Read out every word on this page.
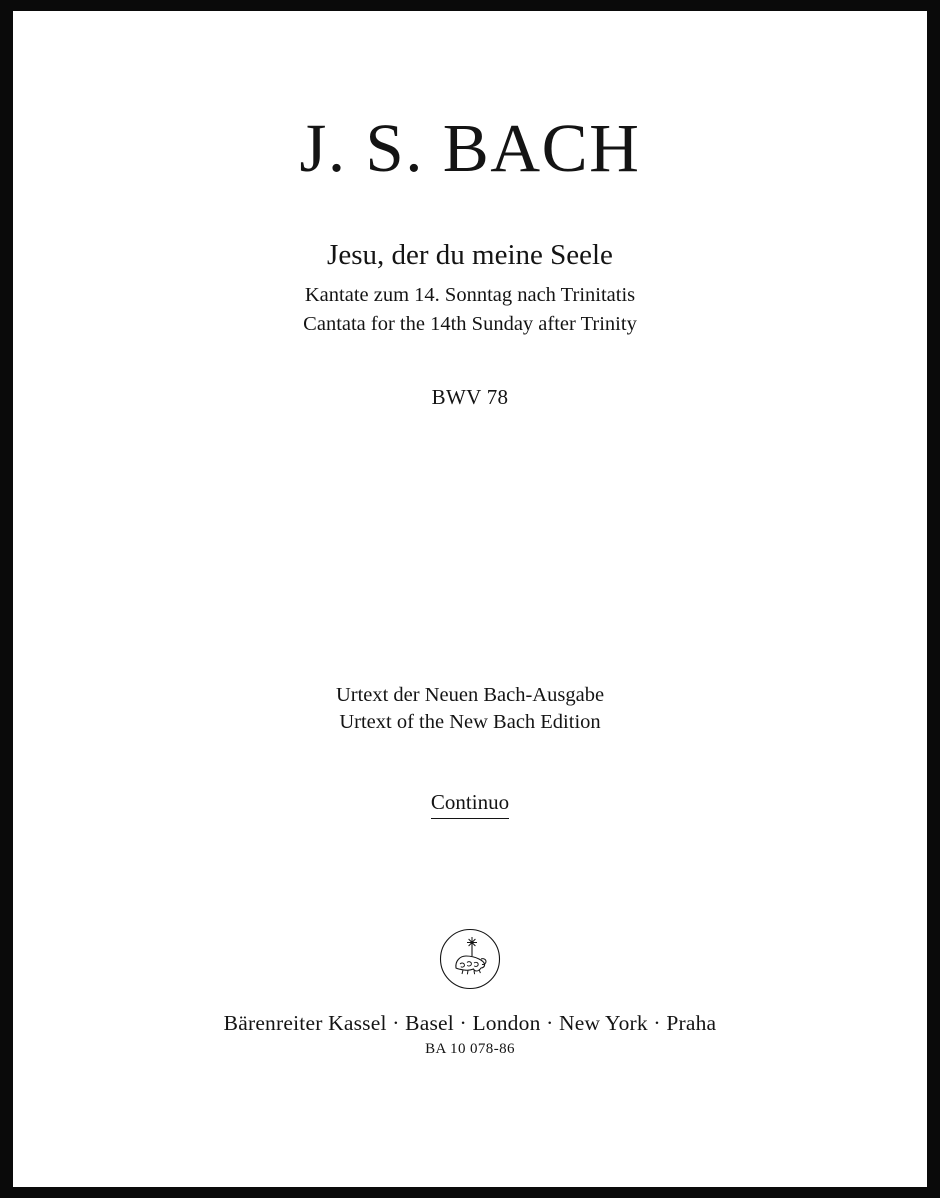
J. S. BACH
Jesu, der du meine Seele
Kantate zum 14. Sonntag nach Trinitatis
Cantata for the 14th Sunday after Trinity
BWV 78
Urtext der Neuen Bach-Ausgabe
Urtext of the New Bach Edition
Continuo
Bärenreiter Kassel · Basel · London · New York · Praha
BA 10 078-86
